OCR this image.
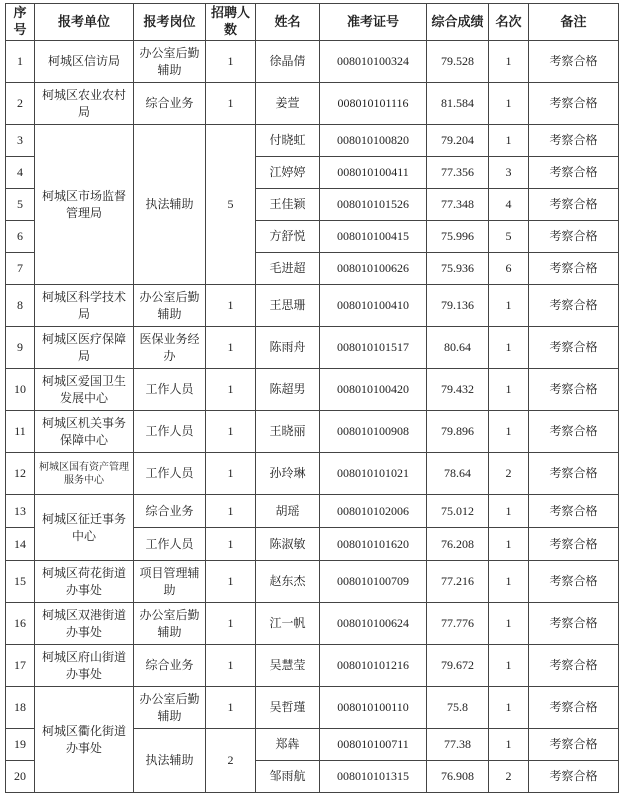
序号	报考单位	报考岗位	招聘人数	姓名	准考证号	综合成绩	名次	备注
1	柯城区信访局	办公室后勤辅助	1	徐晶倩	008010100324	79.528	1	考察合格
2	柯城区农业农村局	综合业务	1	姜萱	008010101116	81.584	1	考察合格
3	柯城区市场监督管理局	执法辅助	5	付晓虹	008010100820	79.204	1	考察合格
4				江婷婷	008010100411	77.356	3	考察合格
5				王佳颖	008010101526	77.348	4	考察合格
6				方舒悦	008010100415	75.996	5	考察合格
7				毛进超	008010100626	75.936	6	考察合格
8	柯城区科学技术局	办公室后勤辅助	1	王思珊	008010100410	79.136	1	考察合格
9	柯城区医疗保障局	医保业务经办	1	陈雨舟	008010101517	80.64	1	考察合格
10	柯城区爱国卫生发展中心	工作人员	1	陈超男	008010100420	79.432	1	考察合格
11	柯城区机关事务保障中心	工作人员	1	王晓丽	008010100908	79.896	1	考察合格
12	柯城区国有资产管理服务中心	工作人员	1	孙玲琳	008010101021	78.64	2	考察合格
13	柯城区征迁事务中心	综合业务	1	胡瑶	008010102006	75.012	1	考察合格
14		工作人员	1	陈淑敏	008010101620	76.208	1	考察合格
15	柯城区荷花街道办事处	项目管理辅助	1	赵东杰	008010100709	77.216	1	考察合格
16	柯城区双港街道办事处	办公室后勤辅助	1	江一帆	008010100624	77.776	1	考察合格
17	柯城区府山街道办事处	综合业务	1	吴慧莹	008010101216	79.672	1	考察合格
18	柯城区衢化街道办事处	办公室后勤辅助	1	吴哲瑾	008010100110	75.8	1	考察合格
19		执法辅助	2	郑犇	008010100711	77.38	1	考察合格
20				邹雨航	008010101315	76.908	2	考察合格
